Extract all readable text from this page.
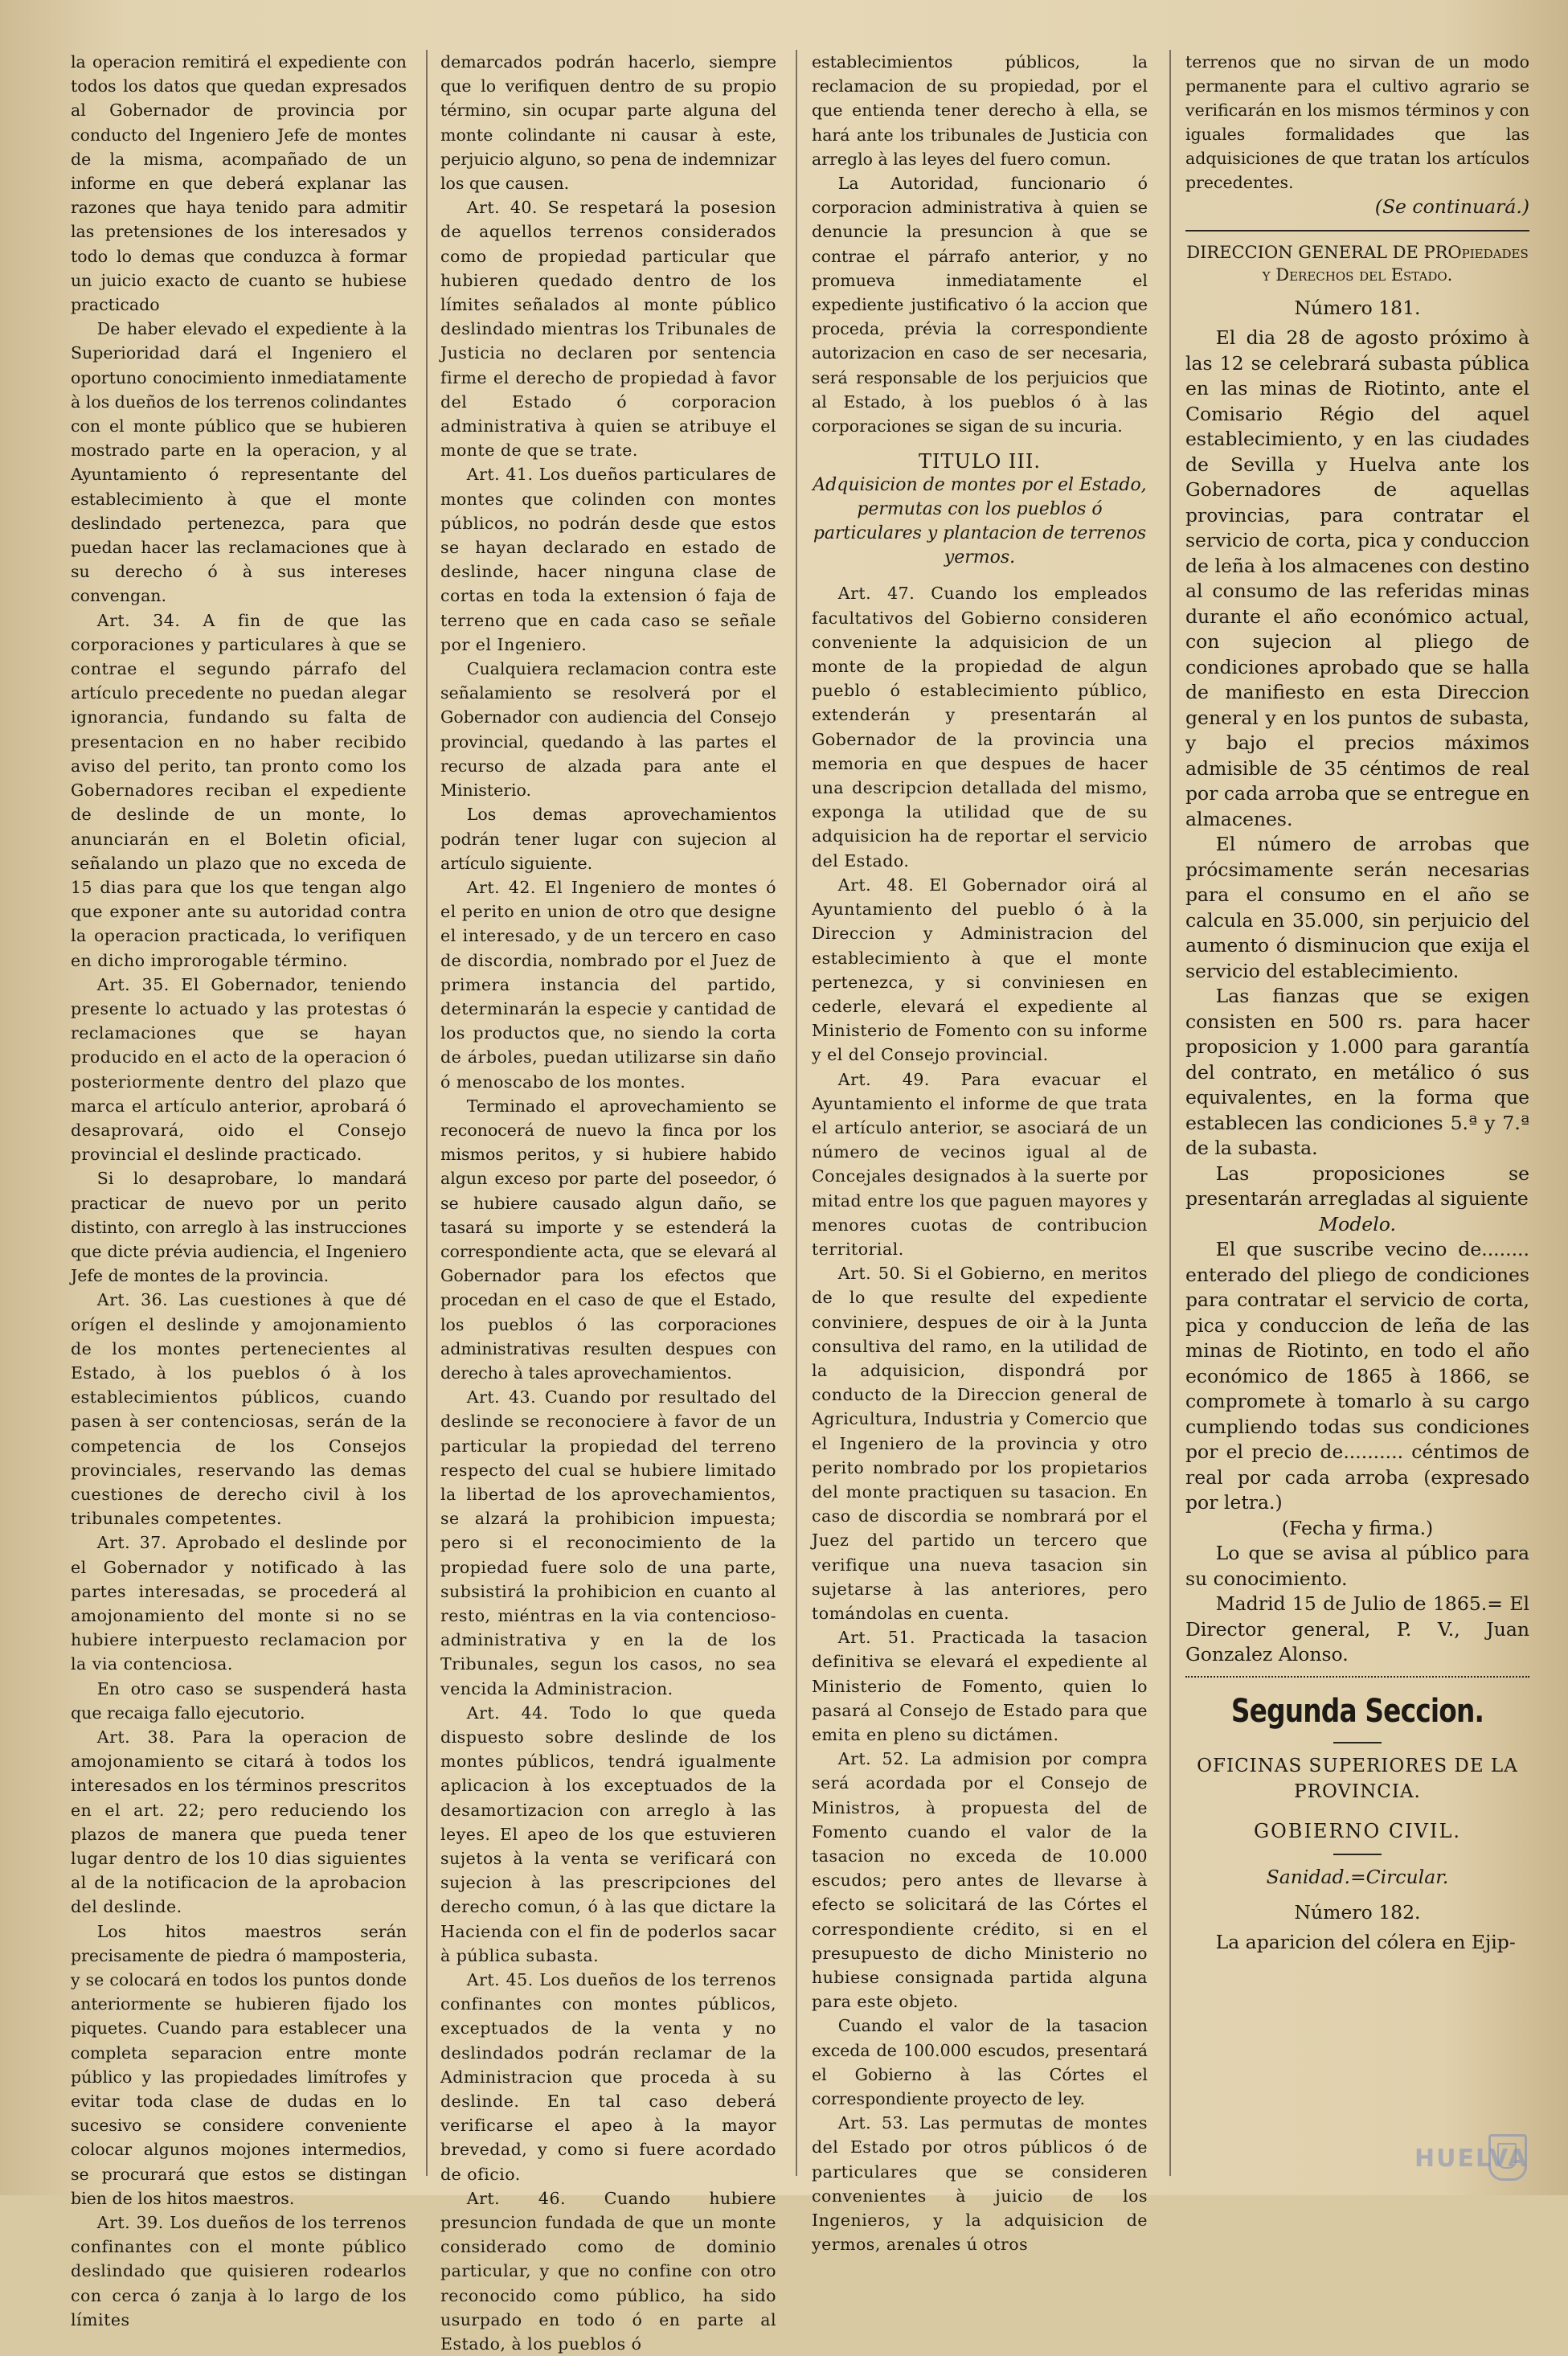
la operacion remitirá el expediente con todos los datos que quedan expresados al Gobernador de provincia por conducto del Ingeniero Jefe de montes de la misma, acompañado de un informe en que deberá explanar las razones que haya tenido para admitir las pretensiones de los interesados y todo lo demas que conduzca à formar un juicio exacto de cuanto se hubiese practicado

De haber elevado el expediente à la Superioridad dará el Ingeniero el oportuno conocimiento inmediatamente à los dueños de los terrenos colindantes con el monte público que se hubieren mostrado parte en la operacion, y al Ayuntamiento ó representante del establecimiento à que el monte deslindado pertenezca, para que puedan hacer las reclamaciones que à su derecho ó à sus intereses convengan.

Art. 34. A fin de que las corporaciones y particulares à que se contrae el segundo párrafo del artículo precedente no puedan alegar ignorancia, fundando su falta de presentacion en no haber recibido aviso del perito, tan pronto como los Gobernadores reciban el expediente de deslinde de un monte, lo anunciarán en el Boletin oficial, señalando un plazo que no exceda de 15 dias para que los que tengan algo que exponer ante su autoridad contra la operacion practicada, lo verifiquen en dicho improrogable término.

Art. 35. El Gobernador, teniendo presente lo actuado y las protestas ó reclamaciones que se hayan producido en el acto de la operacion ó posteriormente dentro del plazo que marca el artículo anterior, aprobará ó desaprovará, oido el Consejo provincial el deslinde practicado.

Si lo desaprobare, lo mandará practicar de nuevo por un perito distinto, con arreglo à las instrucciones que dicte prévia audiencia, el Ingeniero Jefe de montes de la provincia.

Art. 36. Las cuestiones à que dé orígen el deslinde y amojonamiento de los montes pertenecientes al Estado, à los pueblos ó à los establecimientos públicos, cuando pasen à ser contenciosas, serán de la competencia de los Consejos provinciales, reservando las demas cuestiones de derecho civil à los tribunales competentes.

Art. 37. Aprobado el deslinde por el Gobernador y notificado à las partes interesadas, se procederá al amojonamiento del monte si no se hubiere interpuesto reclamacion por la via contenciosa.

En otro caso se suspenderá hasta que recaiga fallo ejecutorio.

Art. 38. Para la operacion de amojonamiento se citará à todos los interesados en los términos prescritos en el art. 22; pero reduciendo los plazos de manera que pueda tener lugar dentro de los 10 dias siguientes al de la notificacion de la aprobacion del deslinde.

Los hitos maestros serán precisamente de piedra ó mamposteria, y se colocará en todos los puntos donde anteriormente se hubieren fijado los piquetes. Cuando para establecer una completa separacion entre monte público y las propiedades limítrofes y evitar toda clase de dudas en lo sucesivo se considere conveniente colocar algunos mojones intermedios, se procurará que estos se distingan bien de los hitos maestros.

Art. 39. Los dueños de los terrenos confinantes con el monte público deslindado que quisieren rodearlos con cerca ó zanja à lo largo de los límites

demarcados podrán hacerlo, siempre que lo verifiquen dentro de su propio término, sin ocupar parte alguna del monte colindante ni causar à este, perjuicio alguno, so pena de indemnizar los que causen.

Art. 40. Se respetará la posesion de aquellos terrenos considerados como de propiedad particular que hubieren quedado dentro de los límites señalados al monte público deslindado mientras los Tribunales de Justicia no declaren por sentencia firme el derecho de propiedad à favor del Estado ó corporacion administrativa à quien se atribuye el monte de que se trate.

Art. 41. Los dueños particulares de montes que colinden con montes públicos, no podrán desde que estos se hayan declarado en estado de deslinde, hacer ninguna clase de cortas en toda la extension ó faja de terreno que en cada caso se señale por el Ingeniero.

Cualquiera reclamacion contra este señalamiento se resolverá por el Gobernador con audiencia del Consejo provincial, quedando à las partes el recurso de alzada para ante el Ministerio.

Los demas aprovechamientos podrán tener lugar con sujecion al artículo siguiente.

Art. 42. El Ingeniero de montes ó el perito en union de otro que designe el interesado, y de un tercero en caso de discordia, nombrado por el Juez de primera instancia del partido, determinarán la especie y cantidad de los productos que, no siendo la corta de árboles, puedan utilizarse sin daño ó menoscabo de los montes.

Terminado el aprovechamiento se reconocerá de nuevo la finca por los mismos peritos, y si hubiere habido algun exceso por parte del poseedor, ó se hubiere causado algun daño, se tasará su importe y se estenderá la correspondiente acta, que se elevará al Gobernador para los efectos que procedan en el caso de que el Estado, los pueblos ó las corporaciones administrativas resulten despues con derecho à tales aprovechamientos.

Art. 43. Cuando por resultado del deslinde se reconociere à favor de un particular la propiedad del terreno respecto del cual se hubiere limitado la libertad de los aprovechamientos, se alzará la prohibicion impuesta; pero si el reconocimiento de la propiedad fuere solo de una parte, subsistirá la prohibicion en cuanto al resto, miéntras en la via contencioso-administrativa y en la de los Tribunales, segun los casos, no sea vencida la Administracion.

Art. 44. Todo lo que queda dispuesto sobre deslinde de los montes públicos, tendrá igualmente aplicacion à los exceptuados de la desamortizacion con arreglo à las leyes. El apeo de los que estuvieren sujetos à la venta se verificará con sujecion à las prescripciones del derecho comun, ó à las que dictare la Hacienda con el fin de poderlos sacar à pública subasta.

Art. 45. Los dueños de los terrenos confinantes con montes públicos, exceptuados de la venta y no deslindados podrán reclamar de la Administracion que proceda à su deslinde. En tal caso deberá verificarse el apeo à la mayor brevedad, y como si fuere acordado de oficio.

Art. 46. Cuando hubiere presuncion fundada de que un monte considerado como de dominio particular, y que no confine con otro reconocido como público, ha sido usurpado en todo ó en parte al Estado, à los pueblos ó

establecimientos públicos, la reclamacion de su propiedad, por el que entienda tener derecho à ella, se hará ante los tribunales de Justicia con arreglo à las leyes del fuero comun.

La Autoridad, funcionario ó corporacion administrativa à quien se denuncie la presuncion à que se contrae el párrafo anterior, y no promueva inmediatamente el expediente justificativo ó la accion que proceda, prévia la correspondiente autorizacion en caso de ser necesaria, será responsable de los perjuicios que al Estado, à los pueblos ó à las corporaciones se sigan de su incuria.

TITULO III.

Adquisicion de montes por el Estado, permutas con los pueblos ó particulares y plantacion de terrenos yermos.

Art. 47. Cuando los empleados facultativos del Gobierno consideren conveniente la adquisicion de un monte de la propiedad de algun pueblo ó establecimiento público, extenderán y presentarán al Gobernador de la provincia una memoria en que despues de hacer una descripcion detallada del mismo, exponga la utilidad que de su adquisicion ha de reportar el servicio del Estado.

Art. 48. El Gobernador oirá al Ayuntamiento del pueblo ó à la Direccion y Administracion del establecimiento à que el monte pertenezca, y si conviniesen en cederle, elevará el expediente al Ministerio de Fomento con su informe y el del Consejo provincial.

Art. 49. Para evacuar el Ayuntamiento el informe de que trata el artículo anterior, se asociará de un número de vecinos igual al de Concejales designados à la suerte por mitad entre los que paguen mayores y menores cuotas de contribucion territorial.

Art. 50. Si el Gobierno, en meritos de lo que resulte del expediente conviniere, despues de oir à la Junta consultiva del ramo, en la utilidad de la adquisicion, dispondrá por conducto de la Direccion general de Agricultura, Industria y Comercio que el Ingeniero de la provincia y otro perito nombrado por los propietarios del monte practiquen su tasacion. En caso de discordia se nombrará por el Juez del partido un tercero que verifique una nueva tasacion sin sujetarse à las anteriores, pero tomándolas en cuenta.

Art. 51. Practicada la tasacion definitiva se elevará el expediente al Ministerio de Fomento, quien lo pasará al Consejo de Estado para que emita en pleno su dictámen.

Art. 52. La admision por compra será acordada por el Consejo de Ministros, à propuesta del de Fomento cuando el valor de la tasacion no exceda de 10.000 escudos; pero antes de llevarse à efecto se solicitará de las Córtes el correspondiente crédito, si en el presupuesto de dicho Ministerio no hubiese consignada partida alguna para este objeto.

Cuando el valor de la tasacion exceda de 100.000 escudos, presentará el Gobierno à las Córtes el correspondiente proyecto de ley.

Art. 53. Las permutas de montes del Estado por otros públicos ó de particulares que se consideren convenientes à juicio de los Ingenieros, y la adquisicion de yermos, arenales ú otros

terrenos que no sirvan de un modo permanente para el cultivo agrario se verificarán en los mismos términos y con iguales formalidades que las adquisiciones de que tratan los artículos precedentes.

(Se continuará.)

DIRECCION GENERAL DE PROpiedades y Derechos del Estado.

Número 181.

El dia 28 de agosto próximo à las 12 se celebrará subasta pública en las minas de Riotinto, ante el Comisario Régio del aquel establecimiento, y en las ciudades de Sevilla y Huelva ante los Gobernadores de aquellas provincias, para contratar el servicio de corta, pica y conduccion de leña à los almacenes con destino al consumo de las referidas minas durante el año económico actual, con sujecion al pliego de condiciones aprobado que se halla de manifiesto en esta Direccion general y en los puntos de subasta, y bajo el precios máximos admisible de 35 céntimos de real por cada arroba que se entregue en almacenes.

El número de arrobas que prócsimamente serán necesarias para el consumo en el año se calcula en 35.000, sin perjuicio del aumento ó disminucion que exija el servicio del establecimiento.

Las fianzas que se exigen consisten en 500 rs. para hacer proposicion y 1.000 para garantía del contrato, en metálico ó sus equivalentes, en la forma que establecen las condiciones 5.ª y 7.ª de la subasta.

Las proposiciones se presentarán arregladas al siguiente

Modelo.

El que suscribe vecino de........ enterado del pliego de condiciones para contratar el servicio de corta, pica y conduccion de leña de las minas de Riotinto, en todo el año económico de 1865 à 1866, se compromete à tomarlo à su cargo cumpliendo todas sus condiciones por el precio de.......... céntimos de real por cada arroba (expresado por letra.)

(Fecha y firma.)

Lo que se avisa al público para su conocimiento.

Madrid 15 de Julio de 1865.= El Director general, P. V., Juan Gonzalez Alonso.

Segunda Seccion.

OFICINAS SUPERIORES DE LA PROVINCIA.

GOBIERNO CIVIL.

Sanidad.=Circular.

Número 182.

La aparicion del cólera en Ejip-

HUELVA
